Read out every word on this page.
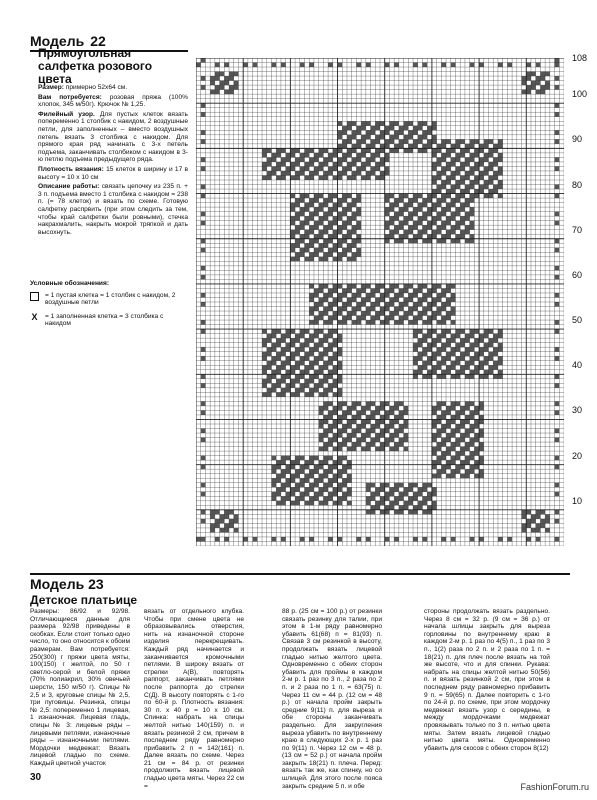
Модель 22
Прямоугольная салфетка розового цвета
Размер: примерно 52х64 см.
Вам потребуется: розовая пряжа (100% хлопок, 345 м/50г). Крючок № 1,25.
Филейный узор. Для пустых клеток вязать попеременно 1 столбик с накидом, 2 воздушные петли, для заполненных – вместо воздушных петель вязать 3 столбика с накидом. Для прямого края ряд начинать с 3-х петель подъема, заканчивать столбиком с накидом в 3-ю петлю подъема предыдущего ряда.
Плотность вязания: 15 клеток в ширину и 17 в высоту = 10 х 10 см
Описание работы: связать цепочку из 235 п. + 3 п. подъема вместо 1 столбика с накидом = 238 п. (= 78 клеток) и вязать по схеме. Готовую салфетку распрвить (при этом следить за тем, чтобы край салфетки были ровными), стечка накрахмалить, накрыть мокрой тряпкой и дать высохнуть.
Условные обозначения:
= 1 пустая клетка = 1 столбик с накидом, 2 воздушные петли
X = 1 заполненная клетка = 3 столбика с накидом
108
100
90
80
70
60
50
40
30
20
10
Модель 23
Детское платьице
Размеры: 86/92 и 92/98. Отличающиеся данные для размера 92/98 приведены в скобках. Если стоит только одно число, то оно относится к обоим размерам. Вам потребуется: 250(300) г пряжи цвета мяты, 100(150) г желтой, по 50 г светло-серой и белой пряжи (70% полиакрил, 30% овечьей шерсти, 150 м/50 г). Спицы № 2,5 и 3, круговые спицы № 2,5, три пуговицы. Резинка, спицы № 2,5: попеременно 1 лицевая, 1 изнаночная. Лицевая гладь, спицы № 3: лицевые ряды – лицевыми петлями, изнаночные ряды – изнаночными петлями. Мордочки медвежат: Вязать лицевой гладью по схеме. Каждый цветной участок
вязать от отдельного клубка. Чтобы при смене цвета не образовывались отверстия, нить на изнаночной стороне изделия перекрещивать. Каждый ряд начинается и заканчивается кромочными петлями. В широку вязать от стрелки А(В), повторять раппорт, заканчивать петлями после раппорта до стрелки С(Д). В высоту повторять с 1-го по 60-й р. Плотность вязания: 30 п. х 40 р = 10 х 10 см. Спинка: набрать на спицы желтой нитью 140(159) п. и вязать резинкой 2 см, причем в последнем ряду равномерно прибавить 2 п = 142(161) п. Далее вязать по схеме. Через 21 см = 84 р. от резинки продолжить вязать лицевой гладью цвета мяты. Через 22 см =
88 р. (25 см = 100 р.) от резинки связать резинку для талии, при этом в 1-м ряду равномерно убавить 61(68) п = 81(93) п. Связав 3 см резинкой в высоту, продолжать вязать лицевой гладью нитью желтого цвета. Одновременно с обеих сторон убавить для проймы в каждом 2-м р. 1 раз по 3 п., 2 раза по 2 п. и 2 раза по 1 п. = 63(75) п. Через 11 см = 44 р. (12 см = 48 р.) от начала пройм закрыть средние 9(11) п. для выреза и обе стороны заканчивать раздельно. Для закругления выреза убавить по внутреннему краю в следующих 2-х р. 1 раз по 9(11) п. Через 12 см = 48 р. (13 см = 52 р.) от начала пройм закрыть 18(21) п. плеча. Перед: вязать так же, как спинку, но со шлицей. Для этого после пояса закрыть средние 5 п. и обе
стороны продолжать вязать раздельно. Через 8 см = 32 р. (9 см = 36 р.) от начала шлицы закрыть для выреза горловины по внутреннему краю в каждом 2-м р. 1 раз по 4(5) п., 1 раз по 3 п., 1(2) раза по 2 п. и 2 раза по 1 п. = 18(21) п. для плеч после вязать на той же высоте, что и для спинки. Рукава: набрать на спицы желтой нитью 50(56) п. и вязать резинкой 2 см, при этом в последнем ряду равномерно прибавить 9 п. = 59(65) п. Далее повторить с 1-го по 24-й р. по схеме, при этом мордочку медвежат вязать узор с середины, в между мордочками медвежат провязывать только по 3 п. нитью цвета мяты. Затем вязать лицевой гладью нитью цвета мяты. Одновременно убавить для скосов с обеих сторон 8(12)
30
FashionForum.ru
